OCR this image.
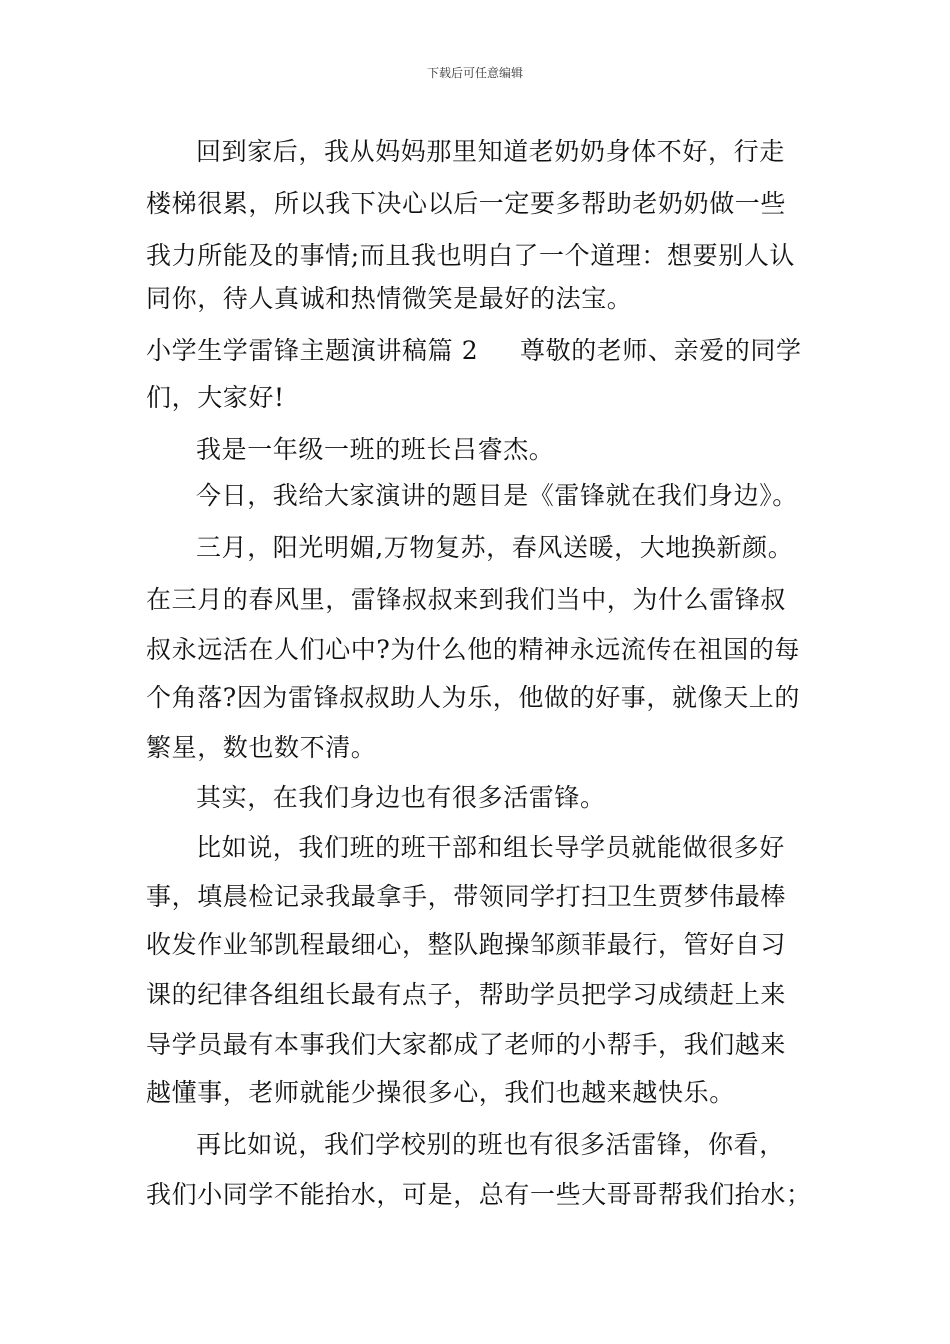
下载后可任意编辑
回到家后，我从妈妈那里知道老奶奶身体不好，行走
楼梯很累，所以我下决心以后一定要多帮助老奶奶做一些
我力所能及的事情;而且我也明白了一个道理：想要别人认
同你，待人真诚和热情微笑是最好的法宝。
小学生学雷锋主题演讲稿篇 2 尊敬的老师、亲爱的同学
们，大家好!
我是一年级一班的班长吕睿杰。
今日，我给大家演讲的题目是《雷锋就在我们身边》。
三月，阳光明媚,万物复苏，春风送暖，大地换新颜。
在三月的春风里，雷锋叔叔来到我们当中，为什么雷锋叔
叔永远活在人们心中?为什么他的精神永远流传在祖国的每
个角落?因为雷锋叔叔助人为乐，他做的好事，就像天上的
繁星，数也数不清。
其实，在我们身边也有很多活雷锋。
比如说，我们班的班干部和组长导学员就能做很多好
事，填晨检记录我最拿手，带领同学打扫卫生贾梦伟最棒
收发作业邹凯程最细心，整队跑操邹颜菲最行，管好自习
课的纪律各组组长最有点子，帮助学员把学习成绩赶上来
导学员最有本事我们大家都成了老师的小帮手，我们越来
越懂事，老师就能少操很多心，我们也越来越快乐。
再比如说，我们学校别的班也有很多活雷锋，你看，
我们小同学不能抬水，可是，总有一些大哥哥帮我们抬水；
